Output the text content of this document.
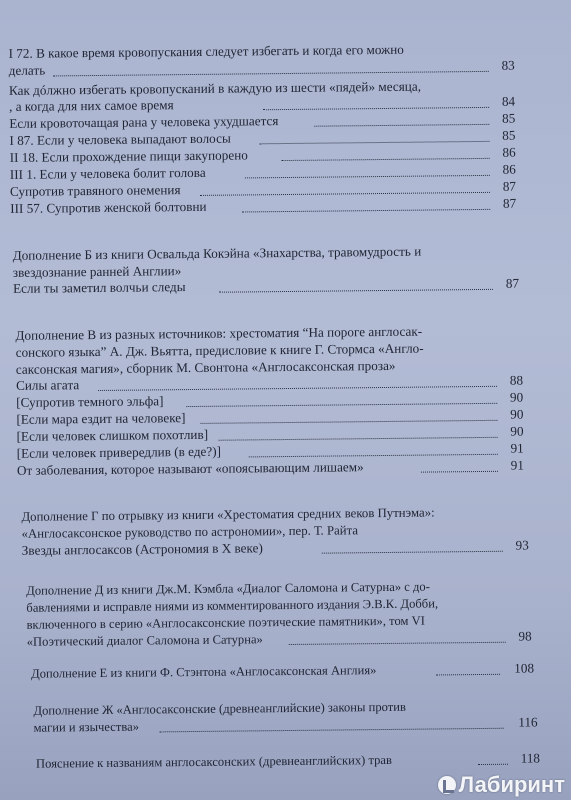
I 72. В какое время кровопускания следует избегать и когда его можно
делать	83
Как дóлжно избегать кровопусканий в каждую из шести «пядей» месяца,
, а когда для них самое время	84
Если кровоточащая рана у человека ухудшается	85
I 87. Если у человека выпадают волосы	85
II 18. Если прохождение пищи закупорено	86
III 1. Если у человека болит голова	86
Супротив травяного онемения	87
III 57. Супротив женской болтовни	87
Дополнение Б из книги Освальда Кокэйна «Знахарства, травомудрость и
звездознание ранней Англии»
Если ты заметил волчьи следы	87
Дополнение В из разных источников: хрестоматия “На пороге англосак-
сонского языка” А. Дж. Вьятта, предисловие к книге Г. Стормса «Англо-
саксонская магия», сборник М. Свонтона «Англосаксонская проза»
Силы агата	88
[Супротив темного эльфа]	90
[Если мара ездит на человеке]	90
[Если человек слишком похотлив]	90
[Если человек привередлив (в еде?)]	91
От заболевания, которое называют «опоясывающим лишаем»	91
Дополнение Г по отрывку из книги «Хрестоматия средних веков Путнэма»:
«Англосаксонское руководство по астрономии», пер. Т. Райта
Звезды англосаксов (Астрономия в Х веке)	93
Дополнение Д из книги Дж.М. Кэмбла «Диалог Саломона и Сатурна» с до-
бавлениями и исправле ниями из комментированного издания Э.В.К. Добби,
включенного в серию «Англосаксонские поэтические памятники», том VI
«Поэтический диалог Саломона и Сатурна»	98
Дополнение Е из книги Ф. Стэнтона «Англосаксонская Англия»	108
Дополнение Ж «Англосаксонские (древнеанглийские) законы против
магии и язычества»	116
Пояснение к названиям англосаксонских (древнеанглийских) трав	118
Лабиринт
